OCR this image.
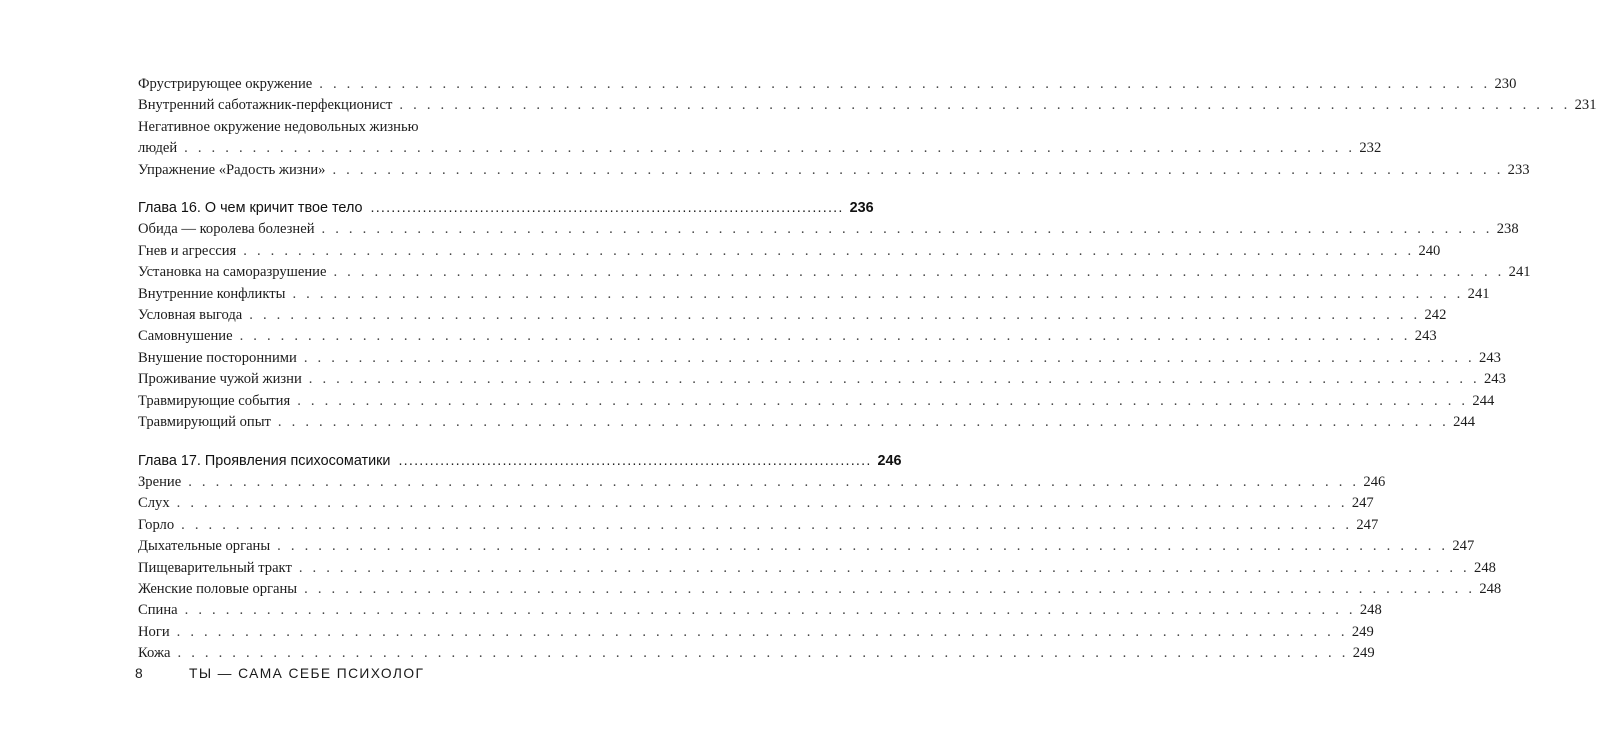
Фрустрирующее окружение . . .	230
Внутренний саботажник-перфекционист . . .	231
Негативное окружение недовольных жизнью
людей . . .	232
Упражнение «Радость жизни» . . .	233
Глава 16. О чем кричит твое тело .....	236
Обида — королева болезней . . .	238
Гнев и агрессия . . .	240
Установка на саморазрушение . . .	241
Внутренние конфликты . . .	241
Условная выгода . . .	242
Самовнушение . . .	243
Внушение посторонними . . .	243
Проживание чужой жизни . . .	243
Травмирующие события . . .	244
Травмирующий опыт . . .	244
Глава 17. Проявления психосоматики .....	246
Зрение . . .	246
Слух . . .	247
Горло . . .	247
Дыхательные органы . . .	247
Пищеварительный тракт . . .	248
Женские половые органы . . .	248
Спина . . .	248
Ноги . . .	249
Кожа . . .	249
8	ТЫ — САМА СЕБЕ ПСИХОЛОГ
